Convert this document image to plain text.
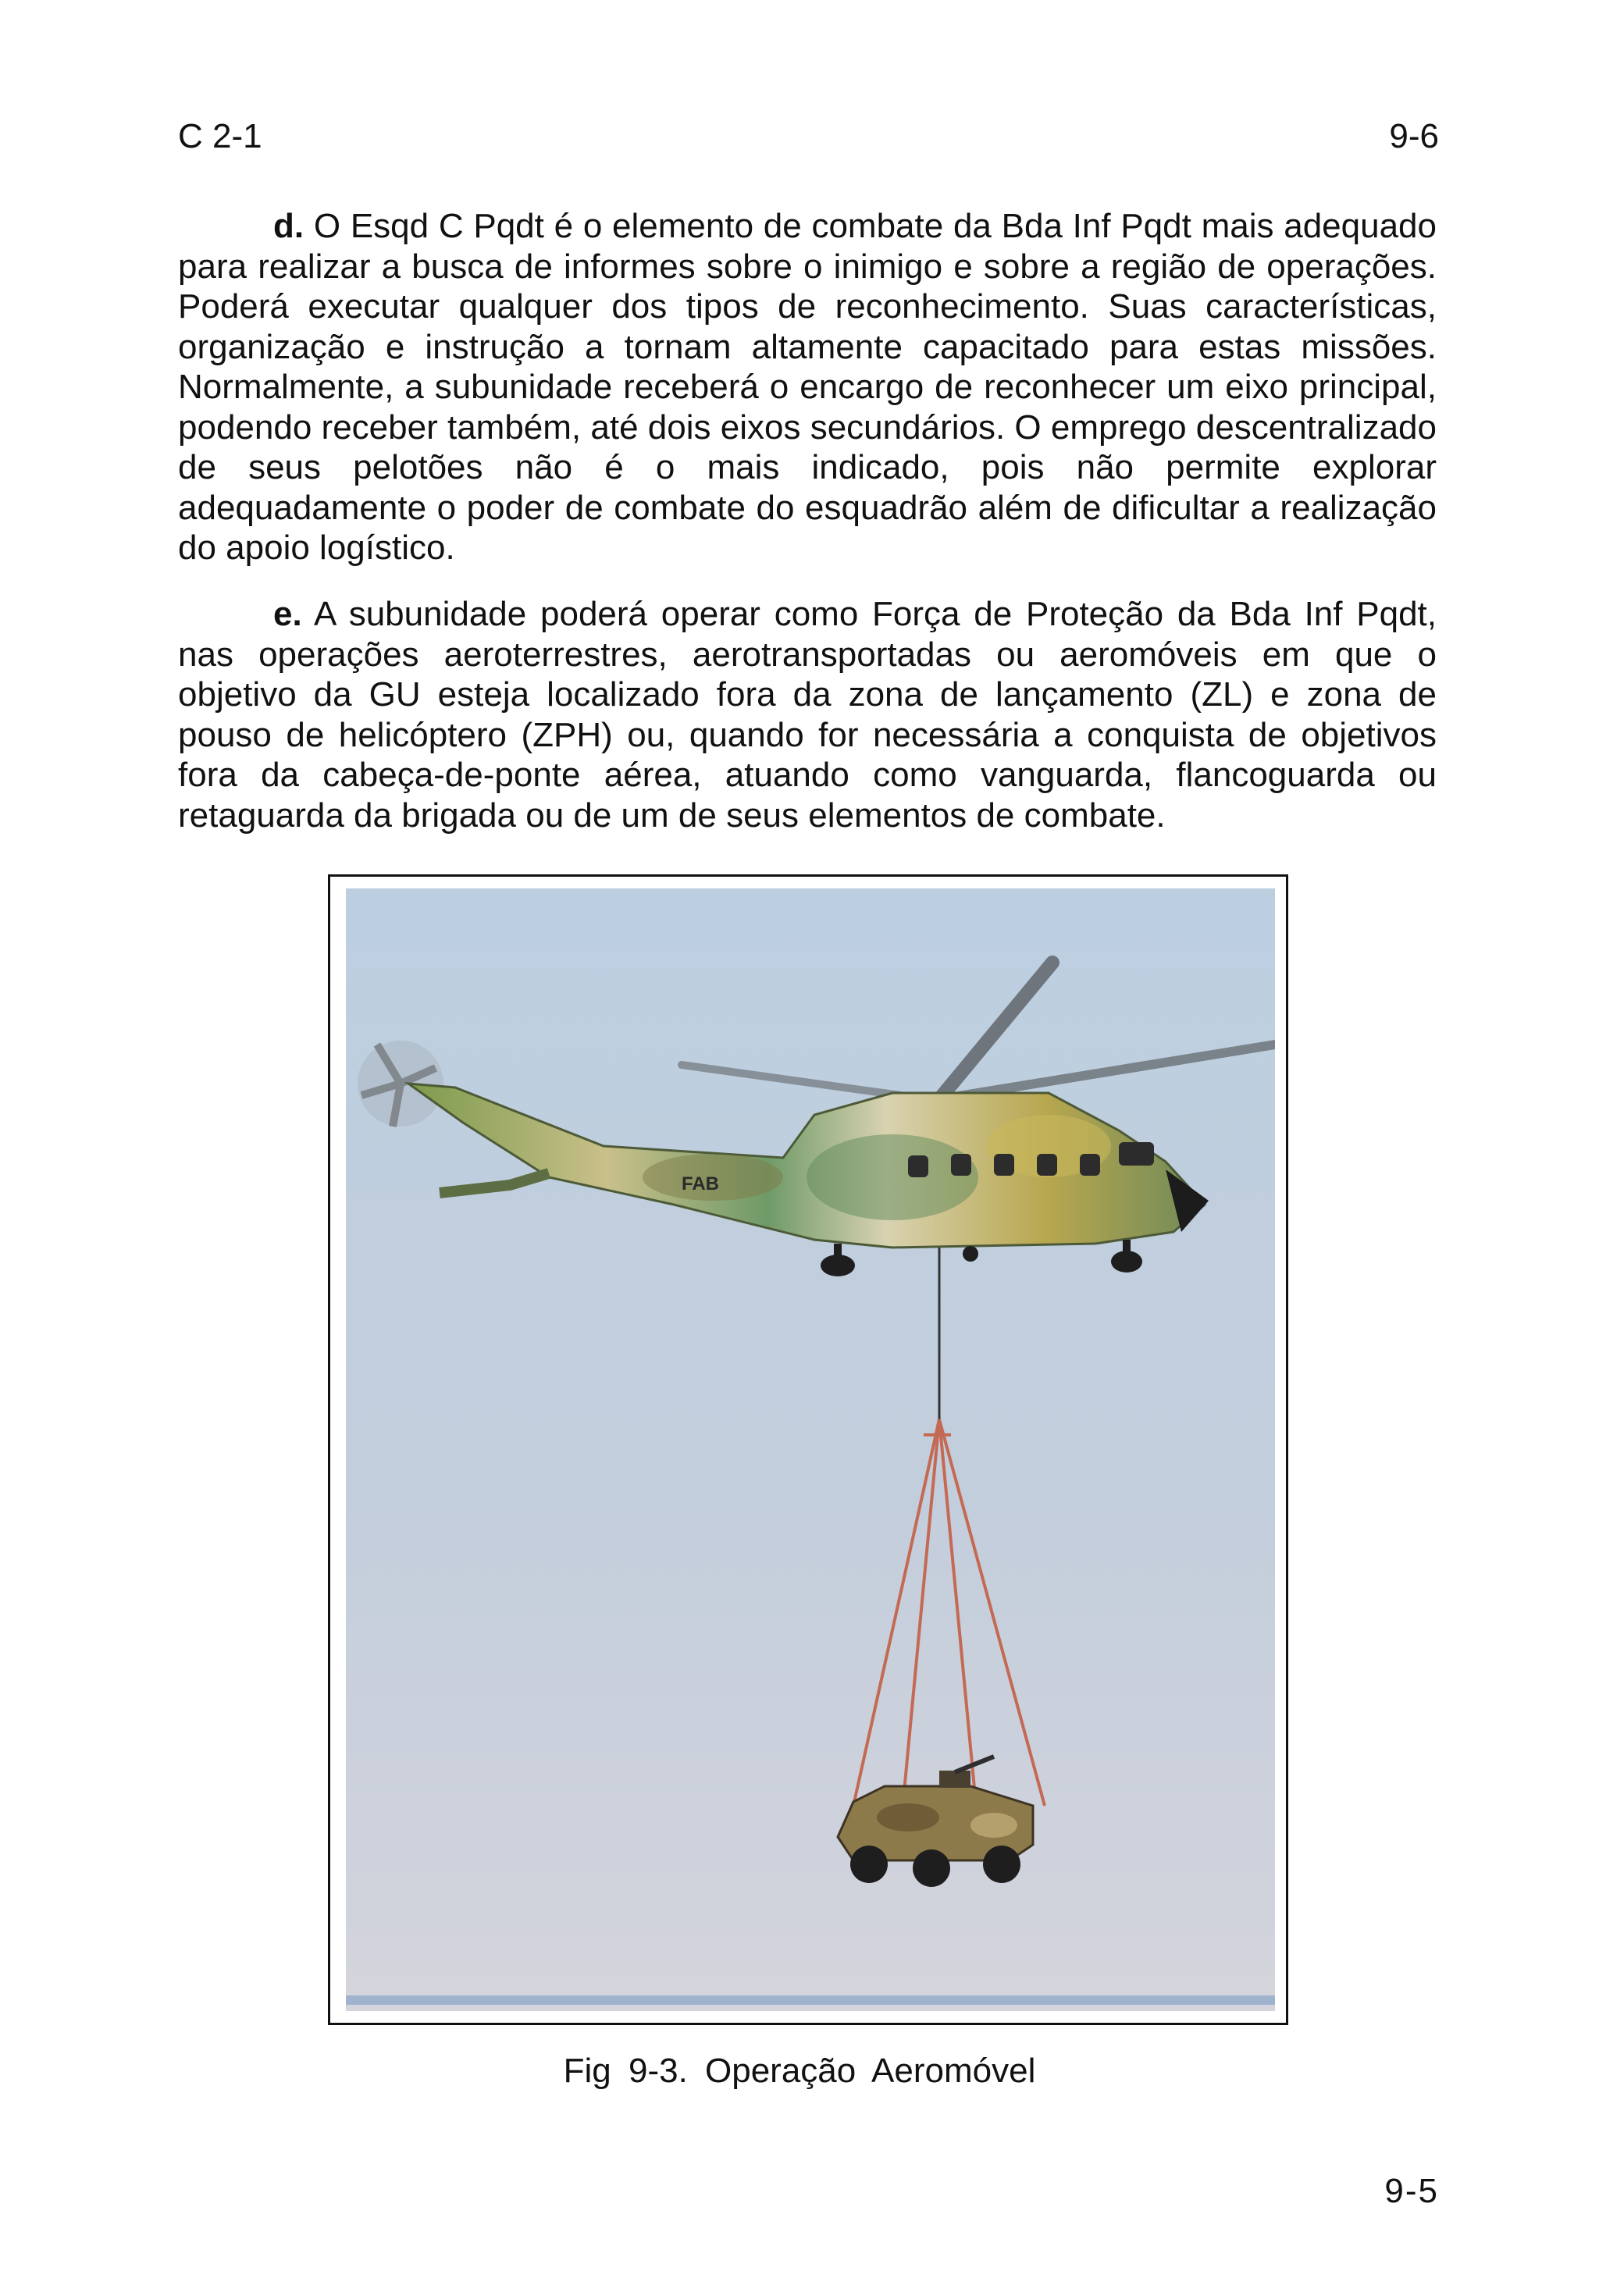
C 2-1	9-6

d. O Esqd C Pqdt é o elemento de combate da Bda Inf Pqdt mais adequado para realizar a busca de informes sobre o inimigo e sobre a região de operações. Poderá executar qualquer dos tipos de reconhecimento. Suas características, organização e instrução a tornam altamente capacitado para estas missões. Normalmente, a subunidade receberá o encargo de reconhecer um eixo principal, podendo receber também, até dois eixos secundários. O emprego descentralizado de seus pelotões não é o mais indicado, pois não permite explorar adequadamente o poder de combate do esquadrão além de dificultar a realização do apoio logístico.

e. A subunidade poderá operar como Força de Proteção da Bda Inf Pqdt, nas operações aeroterrestres, aerotransportadas ou aeromóveis em que o objetivo da GU esteja localizado fora da zona de lançamento (ZL) e zona de pouso de helicóptero (ZPH) ou, quando for necessária a conquista de objetivos fora da cabeça-de-ponte aérea, atuando como vanguarda, flancoguarda ou retaguarda da brigada ou de um de seus elementos de combate.

FAB
Fig 9-3. Operação Aeromóvel
9-5
